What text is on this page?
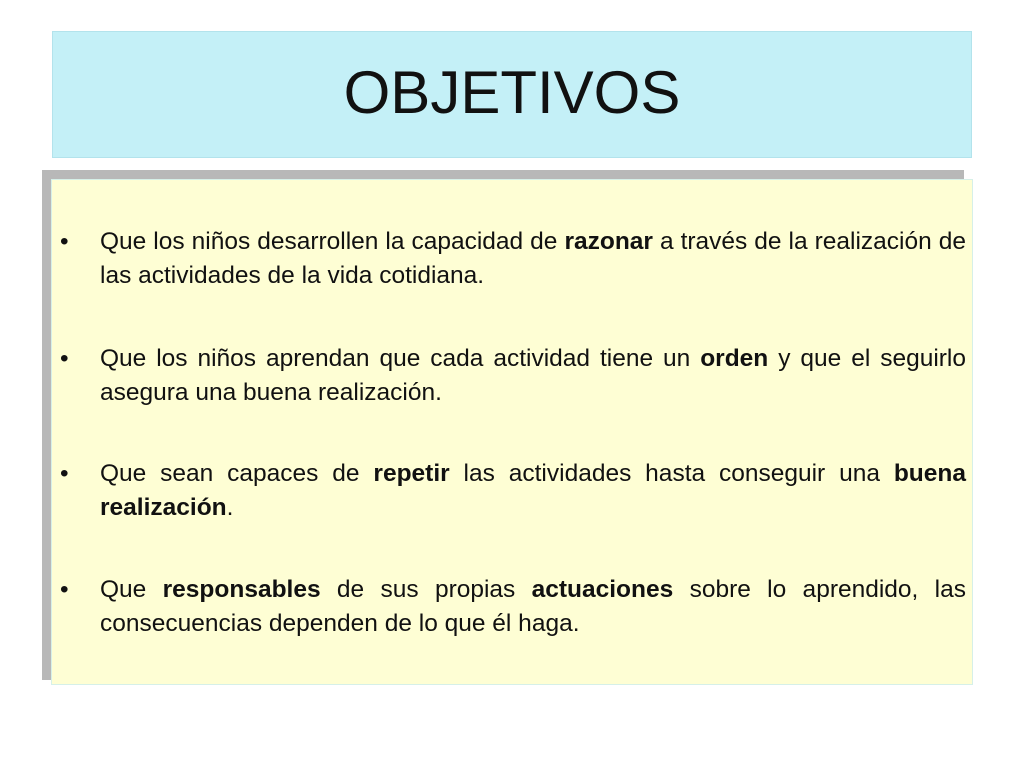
OBJETIVOS
• Que los niños desarrollen la capacidad de razonar a través de la realización de las actividades de la vida cotidiana.
• Que los niños aprendan que cada actividad tiene un orden y que el seguirlo asegura una buena realización.
• Que sean capaces de repetir las actividades hasta conseguir una buena realización.
• Que responsables de sus propias actuaciones sobre lo aprendido, las consecuencias dependen de lo que él haga.
